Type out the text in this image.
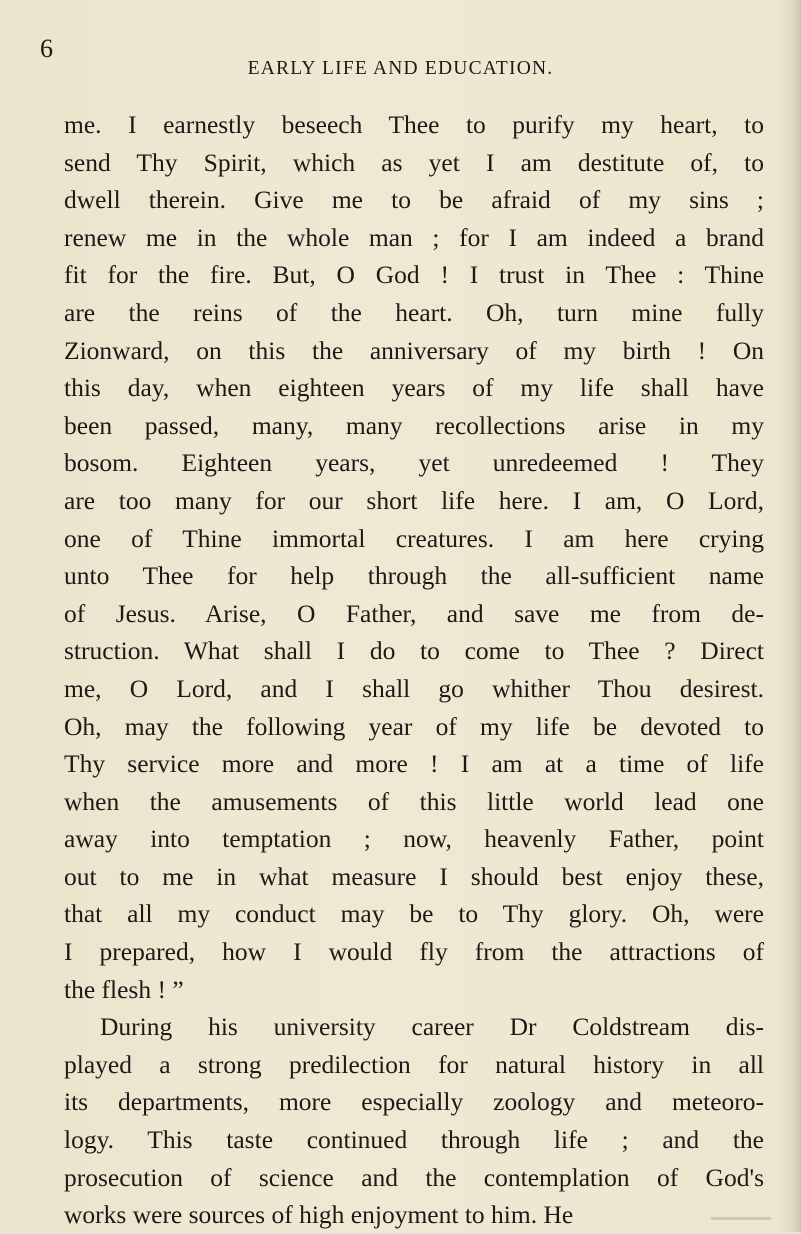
6
EARLY LIFE AND EDUCATION.
me. I earnestly beseech Thee to purify my heart, to
send Thy Spirit, which as yet I am destitute of, to
dwell therein. Give me to be afraid of my sins ;
renew me in the whole man ; for I am indeed a brand
fit for the fire. But, O God ! I trust in Thee : Thine
are the reins of the heart. Oh, turn mine fully
Zionward, on this the anniversary of my birth ! On
this day, when eighteen years of my life shall have
been passed, many, many recollections arise in my
bosom. Eighteen years, yet unredeemed ! They
are too many for our short life here. I am, O Lord,
one of Thine immortal creatures. I am here crying
unto Thee for help through the all-sufficient name
of Jesus. Arise, O Father, and save me from de-
struction. What shall I do to come to Thee ? Direct
me, O Lord, and I shall go whither Thou desirest.
Oh, may the following year of my life be devoted to
Thy service more and more ! I am at a time of life
when the amusements of this little world lead one
away into temptation ; now, heavenly Father, point
out to me in what measure I should best enjoy these,
that all my conduct may be to Thy glory. Oh, were
I prepared, how I would fly from the attractions of
the flesh ! ”
During his university career Dr Coldstream dis-
played a strong predilection for natural history in all
its departments, more especially zoology and meteoro-
logy. This taste continued through life ; and the
prosecution of science and the contemplation of God's
works were sources of high enjoyment to him. He
